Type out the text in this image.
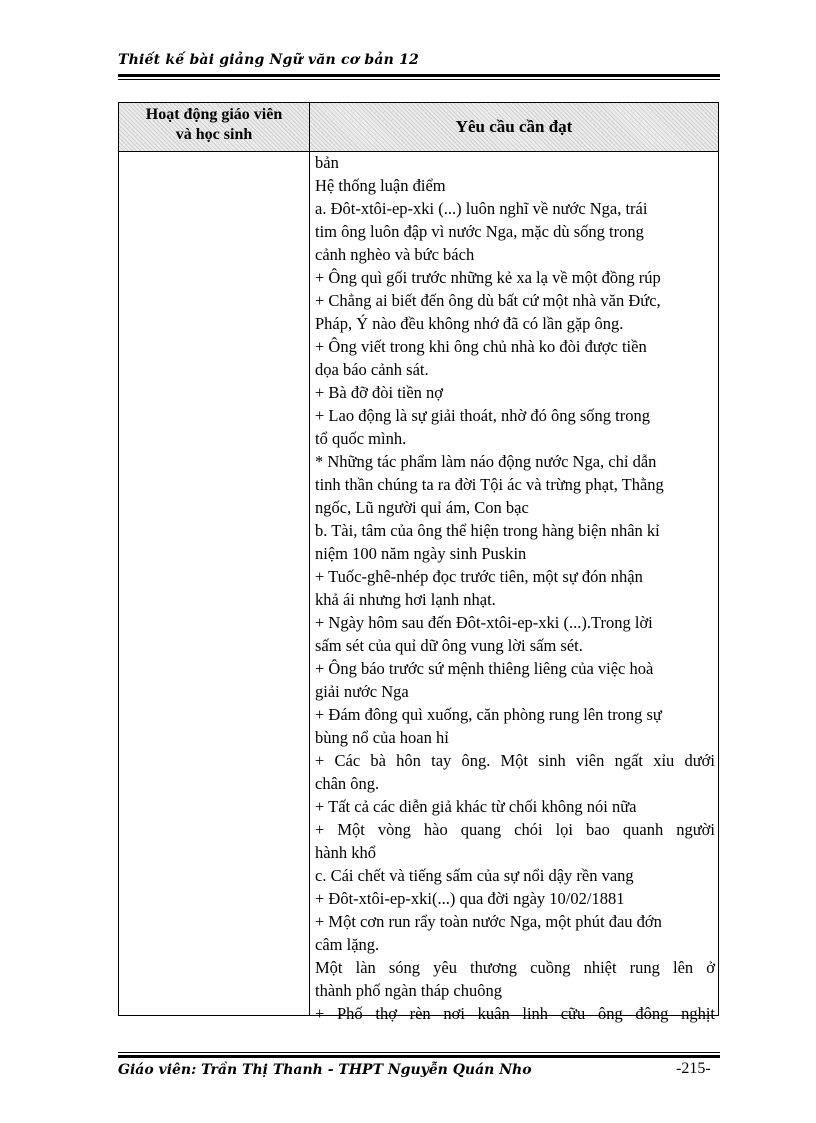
Thiết kế bài giảng Ngữ văn cơ bản 12
Hoạt động giáo viên
và học sinh	Yêu cầu cần đạt
bản
Hệ thống luận điểm
a. Đôt-xtôi-ep-xki (...) luôn nghĩ về nước Nga, trái
tim ông luôn đập vì nước Nga, mặc dù sống trong
cảnh nghèo và bức bách
+ Ông quì gối trước những kẻ xa lạ về một đồng rúp
+ Chẳng ai biết đến ông dù bất cứ một nhà văn Đức,
Pháp, Ý nào đều không nhớ đã có lần gặp ông.
+ Ông viết trong khi ông chủ nhà ko đòi được tiền
dọa báo cảnh sát.
+ Bà đỡ đòi tiền nợ
+ Lao động là sự giải thoát, nhờ đó ông sống trong
tổ quốc mình.
* Những tác phẩm làm náo động nước Nga, chỉ dẫn
tinh thần chúng ta ra đời Tội ác và trừng phạt, Thằng
ngốc, Lũ người quỉ ám, Con bạc
b. Tài, tâm của ông thể hiện trong hàng biện nhân kỉ
niệm 100 năm ngày sinh Puskin
+ Tuốc-ghê-nhép đọc trước tiên, một sự đón nhận
khả ái nhưng hơi lạnh nhạt.
+ Ngày hôm sau đến Đôt-xtôi-ep-xki (...).Trong lời
sấm sét của quỉ dữ ông vung lời sấm sét.
+ Ông báo trước sứ mệnh thiêng liêng của việc hoà
giải nước Nga
+ Đám đông quì xuống, căn phòng rung lên trong sự
bùng nổ của hoan hỉ
+ Các bà hôn tay ông. Một sinh viên ngất xỉu dưới
chân ông.
+ Tất cả các diễn giả khác từ chối không nói nữa
+ Một vòng hào quang chói lọi bao quanh người
hành khổ
c. Cái chết và tiếng sấm của sự nổi dậy rền vang
+ Đôt-xtôi-ep-xki(...) qua đời ngày 10/02/1881
+ Một cơn run rẩy toàn nước Nga, một phút đau đớn
câm lặng.
Một làn sóng yêu thương cuồng nhiệt rung lên ở
thành phố ngàn tháp chuông
+ Phố thợ rèn nơi kuân linh cữu ông đông nghịt
Giáo viên: Trần Thị Thanh - THPT Nguyễn Quán Nho	-215-
